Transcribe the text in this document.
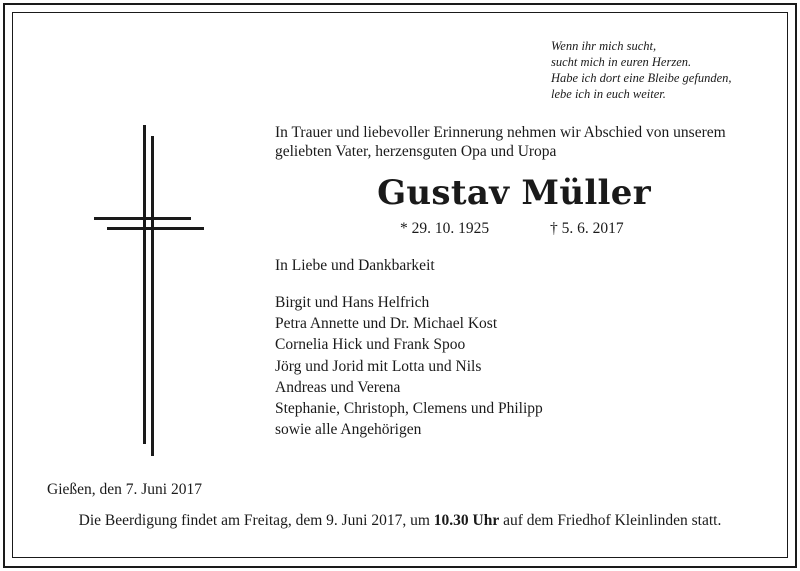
Wenn ihr mich sucht,
sucht mich in euren Herzen.
Habe ich dort eine Bleibe gefunden,
lebe ich in euch weiter.
In Trauer und liebevoller Erinnerung nehmen wir Abschied von unserem
geliebten Vater, herzensguten Opa und Uropa
Gustav Müller
* 29. 10. 1925	† 5. 6. 2017
In Liebe und Dankbarkeit
Birgit und Hans Helfrich
Petra Annette und Dr. Michael Kost
Cornelia Hick und Frank Spoo
Jörg und Jorid mit Lotta und Nils
Andreas und Verena
Stephanie, Christoph, Clemens und Philipp
sowie alle Angehörigen
Gießen, den 7. Juni 2017
Die Beerdigung findet am Freitag, dem 9. Juni 2017, um 10.30 Uhr auf dem Friedhof Kleinlinden statt.
